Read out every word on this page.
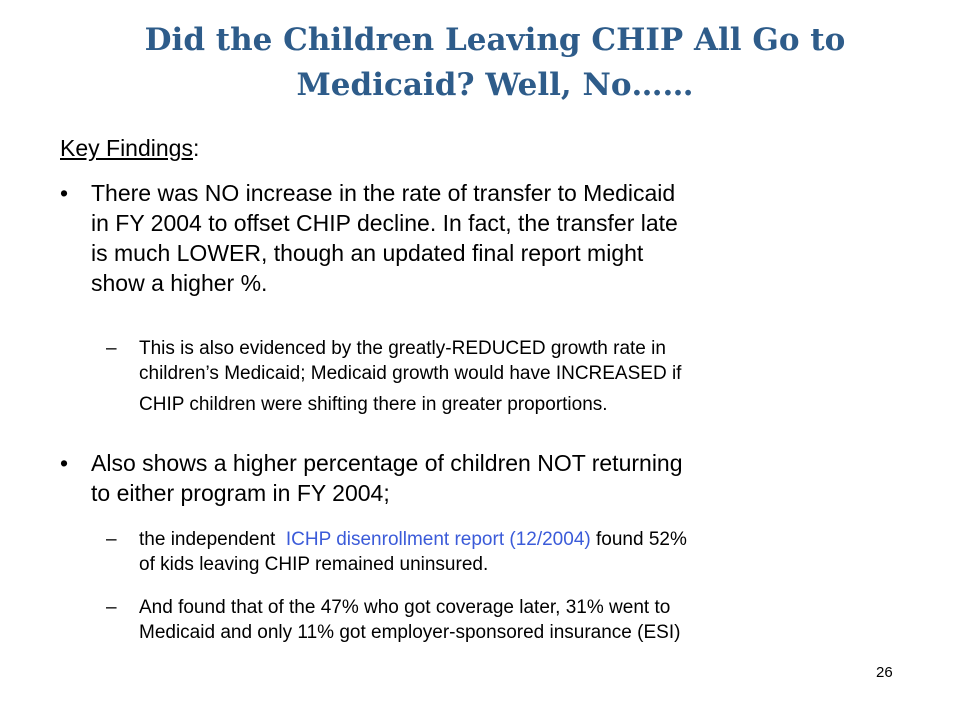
Did the Children Leaving CHIP All Go to
Medicaid? Well, No……
Key Findings:
• There was NO increase in the rate of transfer to Medicaid
in FY 2004 to offset CHIP decline. In fact, the transfer late
is much LOWER, though an updated final report might
show a higher %.
– This is also evidenced by the greatly-REDUCED growth rate in
children’s Medicaid; Medicaid growth would have INCREASED if
CHIP children were shifting there in greater proportions.
• Also shows a higher percentage of children NOT returning
to either program in FY 2004;
– the independent  ICHP disenrollment report (12/2004) found 52%
of kids leaving CHIP remained uninsured.
– And found that of the 47% who got coverage later, 31% went to
Medicaid and only 11% got employer-sponsored insurance (ESI)
26
